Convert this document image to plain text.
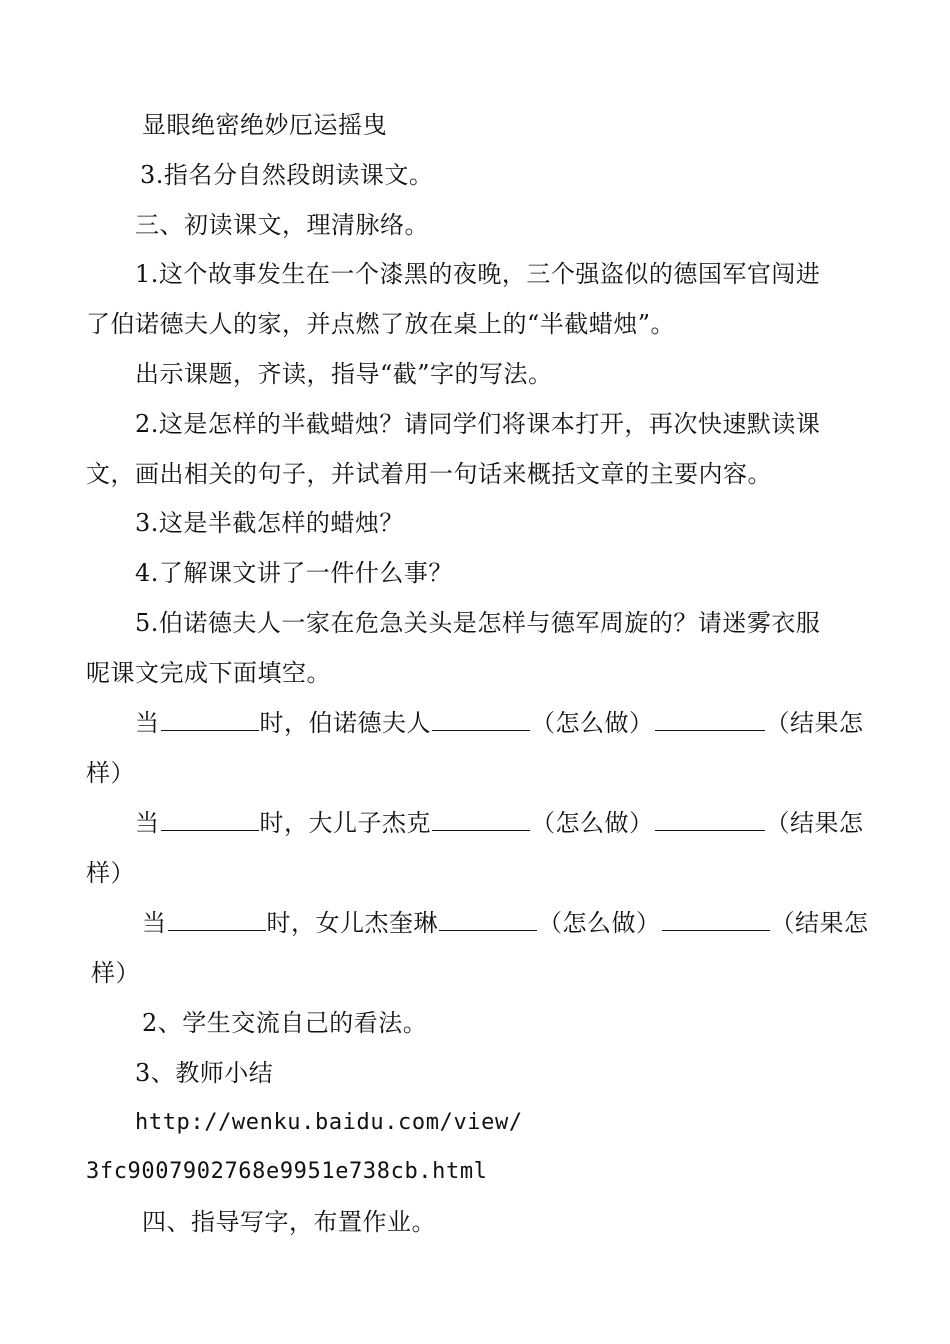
显眼绝密绝妙厄运摇曳
3.指名分自然段朗读课文。
三、初读课文，理清脉络。
1.这个故事发生在一个漆黑的夜晚，三个强盗似的德国军官闯进
了伯诺德夫人的家，并点燃了放在桌上的“半截蜡烛”。
出示课题，齐读，指导“截”字的写法。
2.这是怎样的半截蜡烛？请同学们将课本打开，再次快速默读课
文，画出相关的句子，并试着用一句话来概括文章的主要内容。
3.这是半截怎样的蜡烛？
4.了解课文讲了一件什么事？
5.伯诺德夫人一家在危急关头是怎样与德军周旋的？请迷雾衣服
呢课文完成下面填空。
当	时，伯诺德夫人	（怎么做）	（结果怎
样）
当	时，大儿子杰克	（怎么做）	（结果怎
样）
当	时，女儿杰奎琳	（怎么做）	（结果怎
样）
2、学生交流自己的看法。
3、教师小结
http://wenku.baidu.com/view/
3fc9007902768e9951e738cb.html
四、指导写字，布置作业。
